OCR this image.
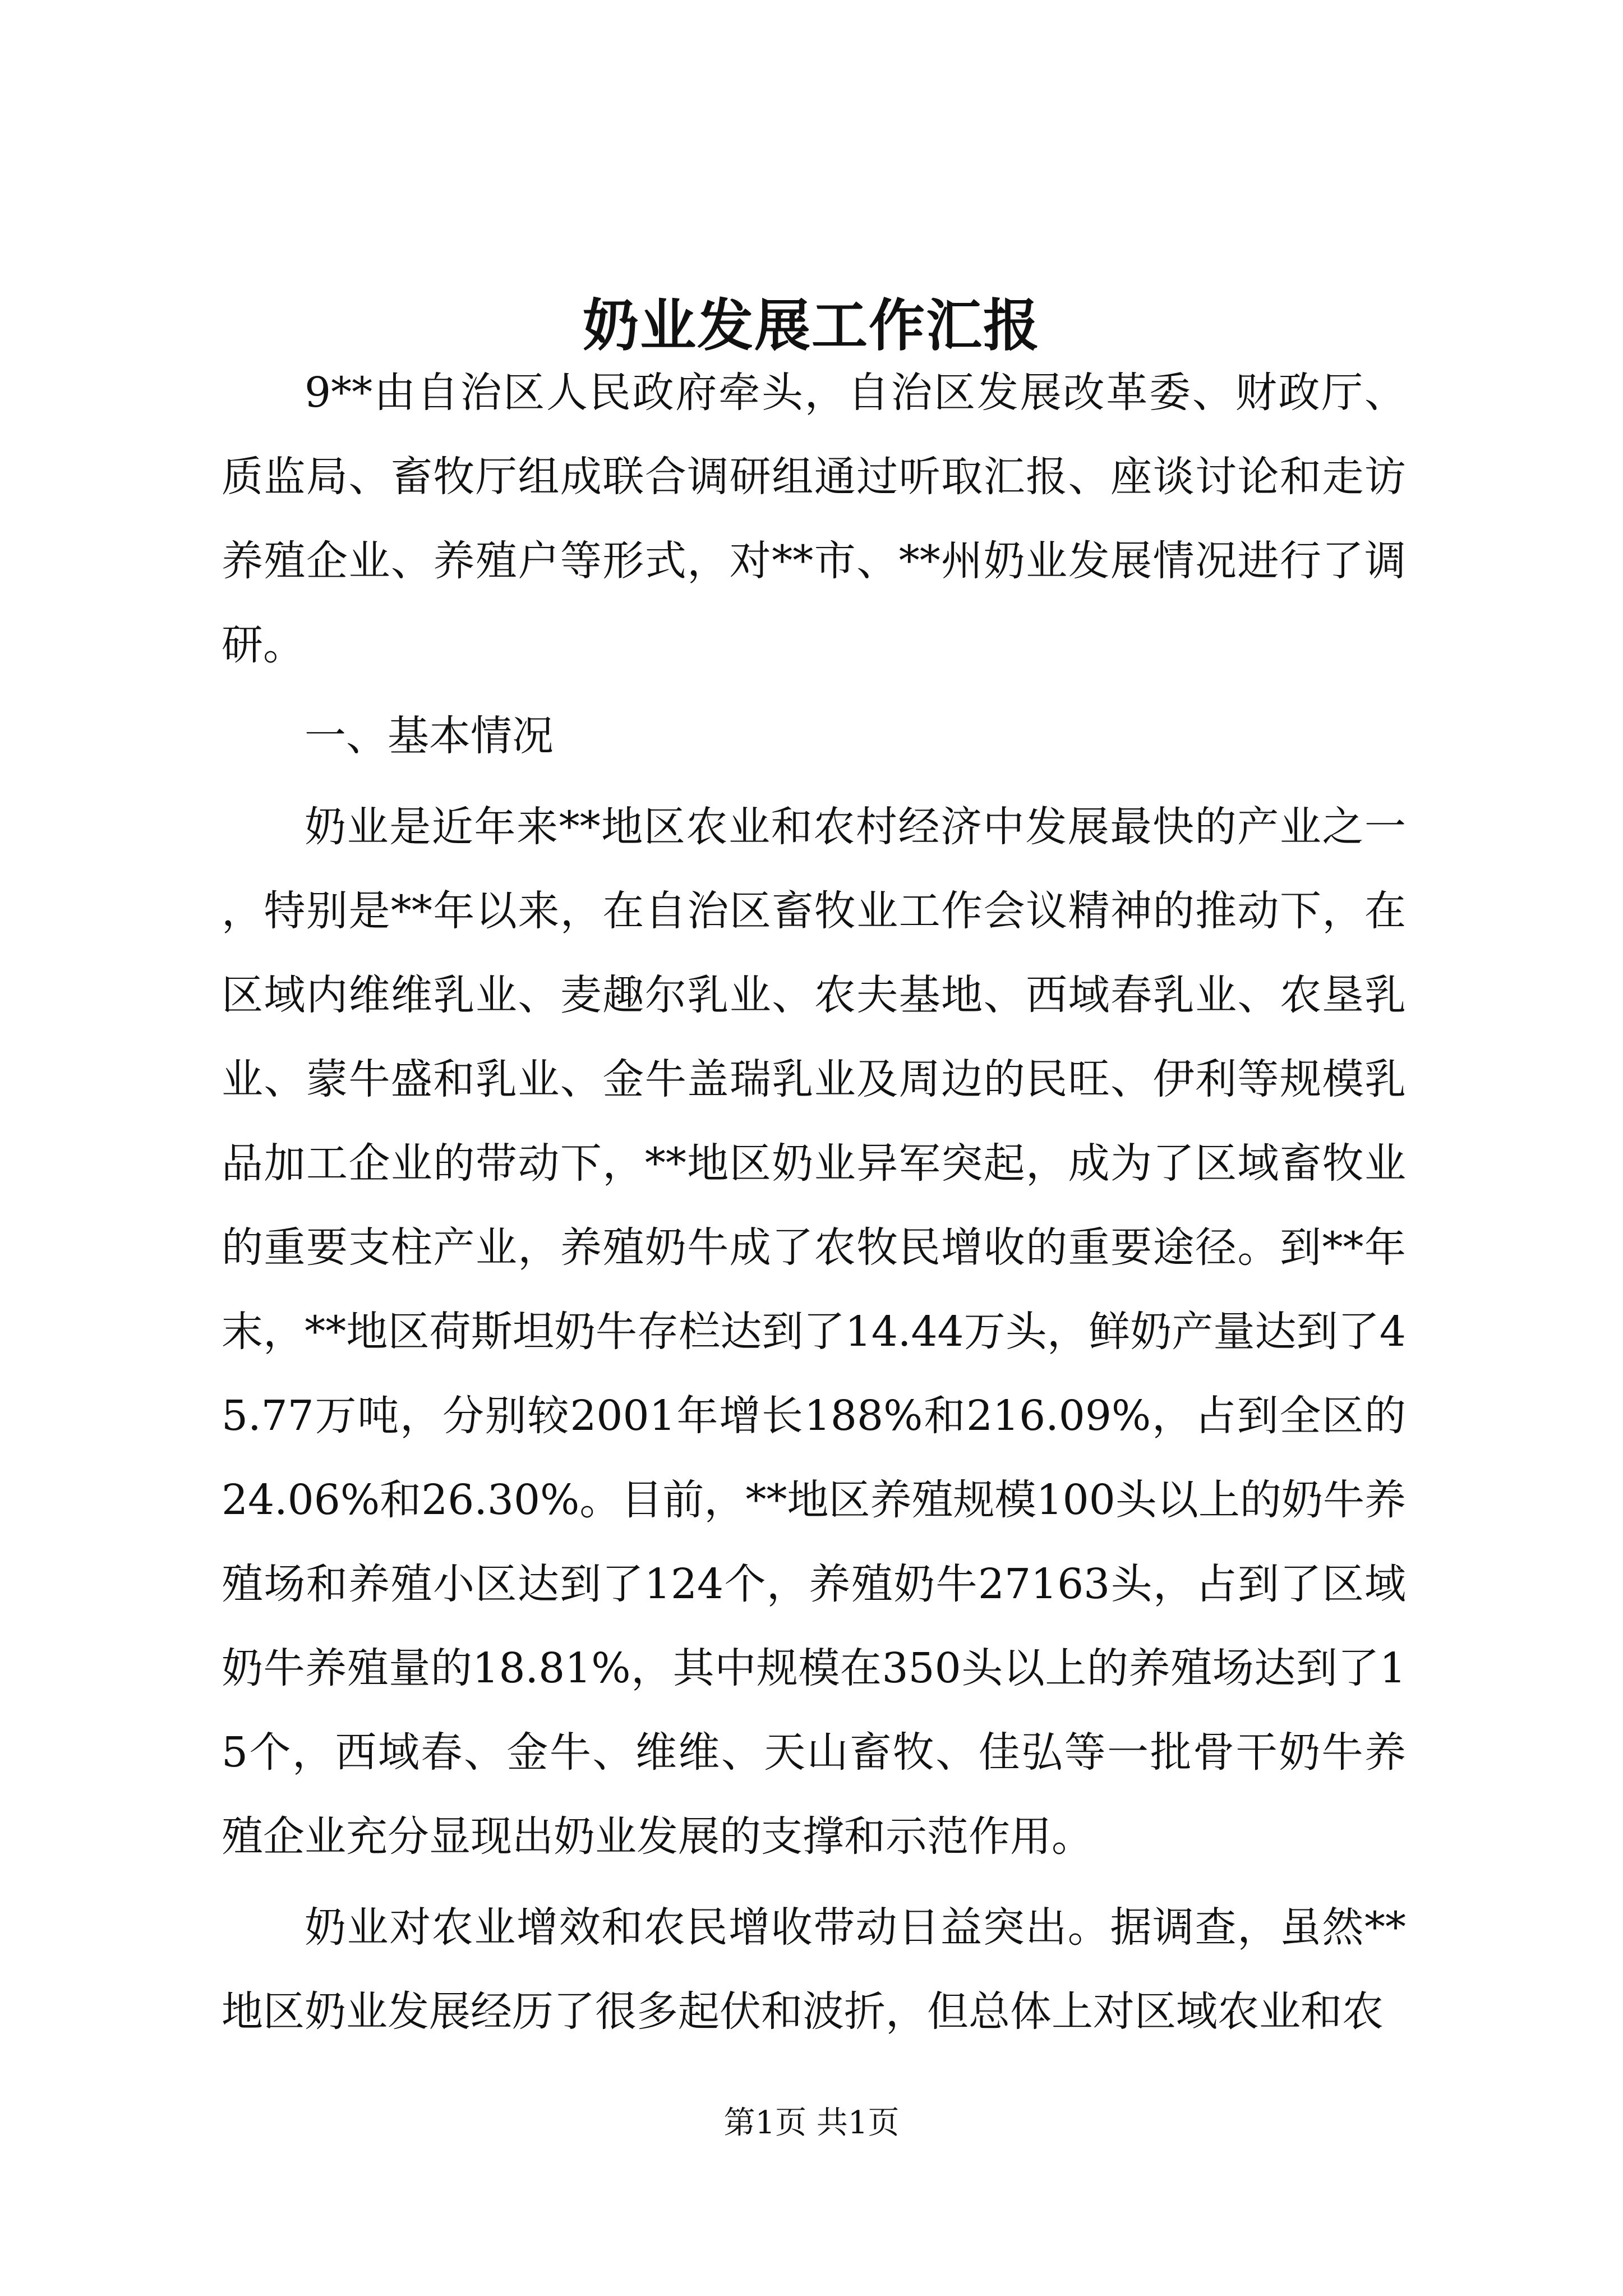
奶业发展工作汇报

9**由自治区人民政府牵头，自治区发展改革委、财政厅、质监局、畜牧厅组成联合调研组通过听取汇报、座谈讨论和走访养殖企业、养殖户等形式，对**市、**州奶业发展情况进行了调研。

一、基本情况

奶业是近年来**地区农业和农村经济中发展最快的产业之一，特别是**年以来，在自治区畜牧业工作会议精神的推动下，在区域内维维乳业、麦趣尔乳业、农夫基地、西域春乳业、农垦乳业、蒙牛盛和乳业、金牛盖瑞乳业及周边的民旺、伊利等规模乳品加工企业的带动下，**地区奶业异军突起，成为了区域畜牧业的重要支柱产业，养殖奶牛成了农牧民增收的重要途径。到**年末，**地区荷斯坦奶牛存栏达到了14.44万头，鲜奶产量达到了45.77万吨，分别较2001年增长188%和216.09%，占到全区的24.06%和26.30%。目前，**地区养殖规模100头以上的奶牛养殖场和养殖小区达到了124个，养殖奶牛27163头，占到了区域奶牛养殖量的18.81%，其中规模在350头以上的养殖场达到了15个，西域春、金牛、维维、天山畜牧、佳弘等一批骨干奶牛养殖企业充分显现出奶业发展的支撑和示范作用。

奶业对农业增效和农民增收带动日益突出。据调查，虽然**地区奶业发展经历了很多起伏和波折，但总体上对区域农业和农

第1页 共1页
